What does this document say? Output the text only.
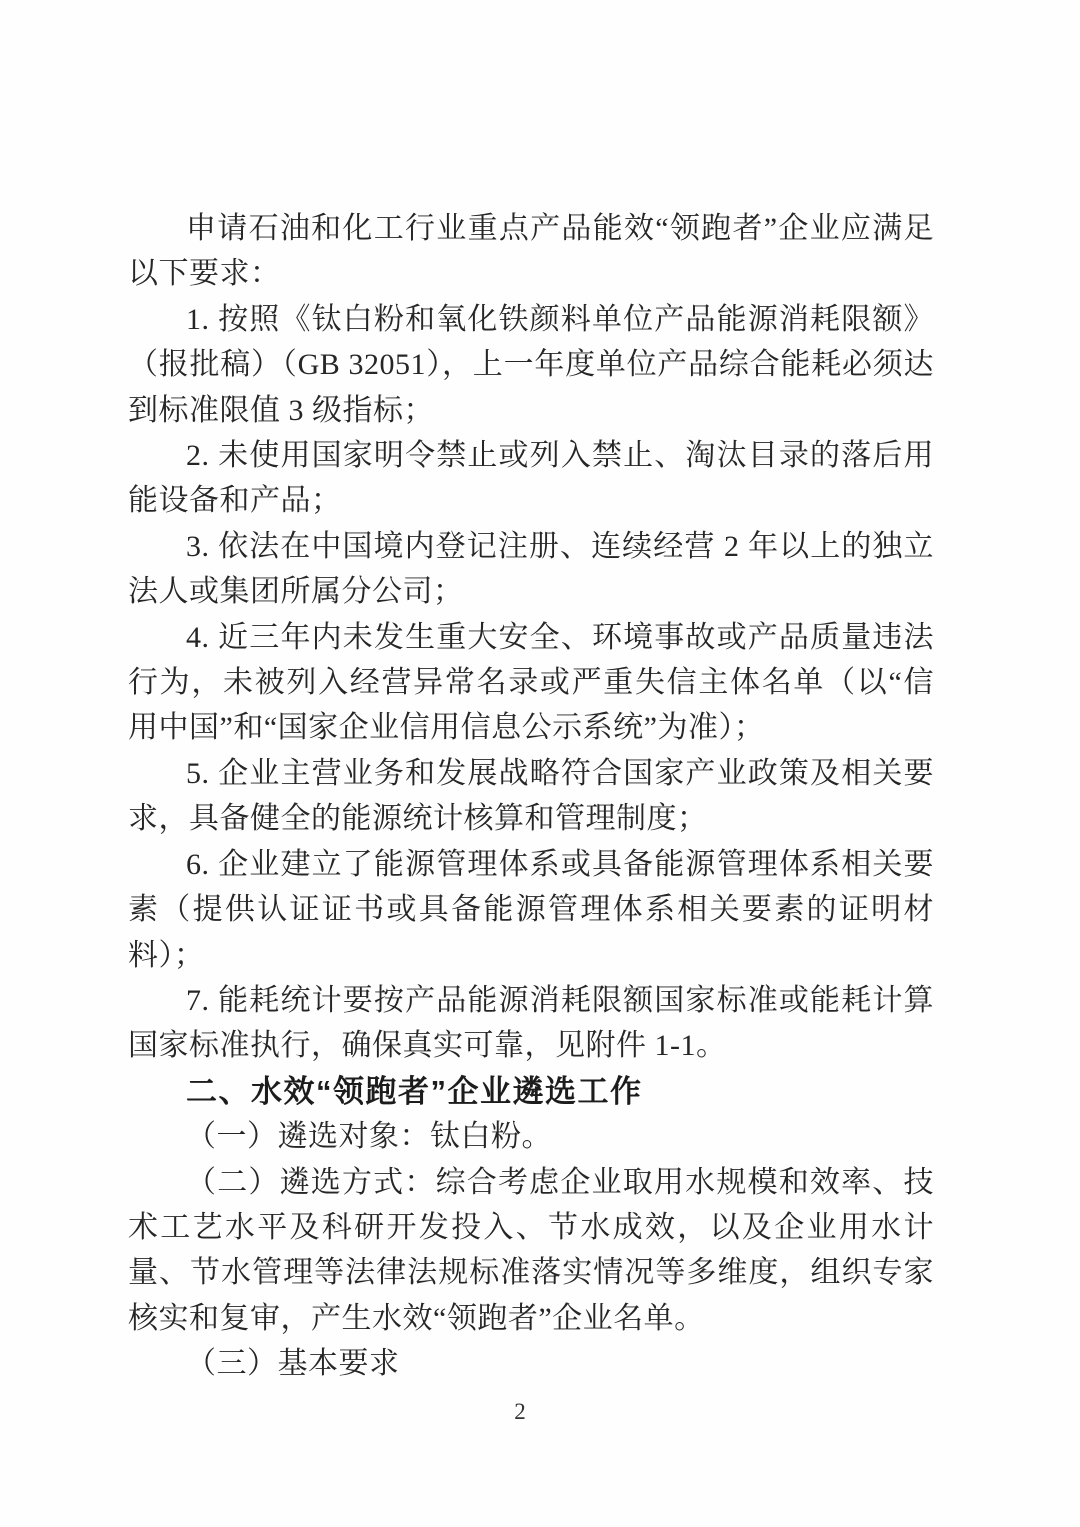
申请石油和化工行业重点产品能效“领跑者”企业应满足以下要求：

1. 按照《钛白粉和氧化铁颜料单位产品能源消耗限额》（报批稿）（GB 32051），上一年度单位产品综合能耗必须达到标准限值 3 级指标；

2. 未使用国家明令禁止或列入禁止、淘汰目录的落后用能设备和产品；

3. 依法在中国境内登记注册、连续经营 2 年以上的独立法人或集团所属分公司；

4. 近三年内未发生重大安全、环境事故或产品质量违法行为，未被列入经营异常名录或严重失信主体名单（以“信用中国”和“国家企业信用信息公示系统”为准）；

5. 企业主营业务和发展战略符合国家产业政策及相关要求，具备健全的能源统计核算和管理制度；

6. 企业建立了能源管理体系或具备能源管理体系相关要素（提供认证证书或具备能源管理体系相关要素的证明材料）；

7. 能耗统计要按产品能源消耗限额国家标准或能耗计算国家标准执行，确保真实可靠，见附件 1-1。

二、水效“领跑者”企业遴选工作

（一）遴选对象：钛白粉。

（二）遴选方式：综合考虑企业取用水规模和效率、技术工艺水平及科研开发投入、节水成效，以及企业用水计量、节水管理等法律法规标准落实情况等多维度，组织专家核实和复审，产生水效“领跑者”企业名单。

（三）基本要求

2
